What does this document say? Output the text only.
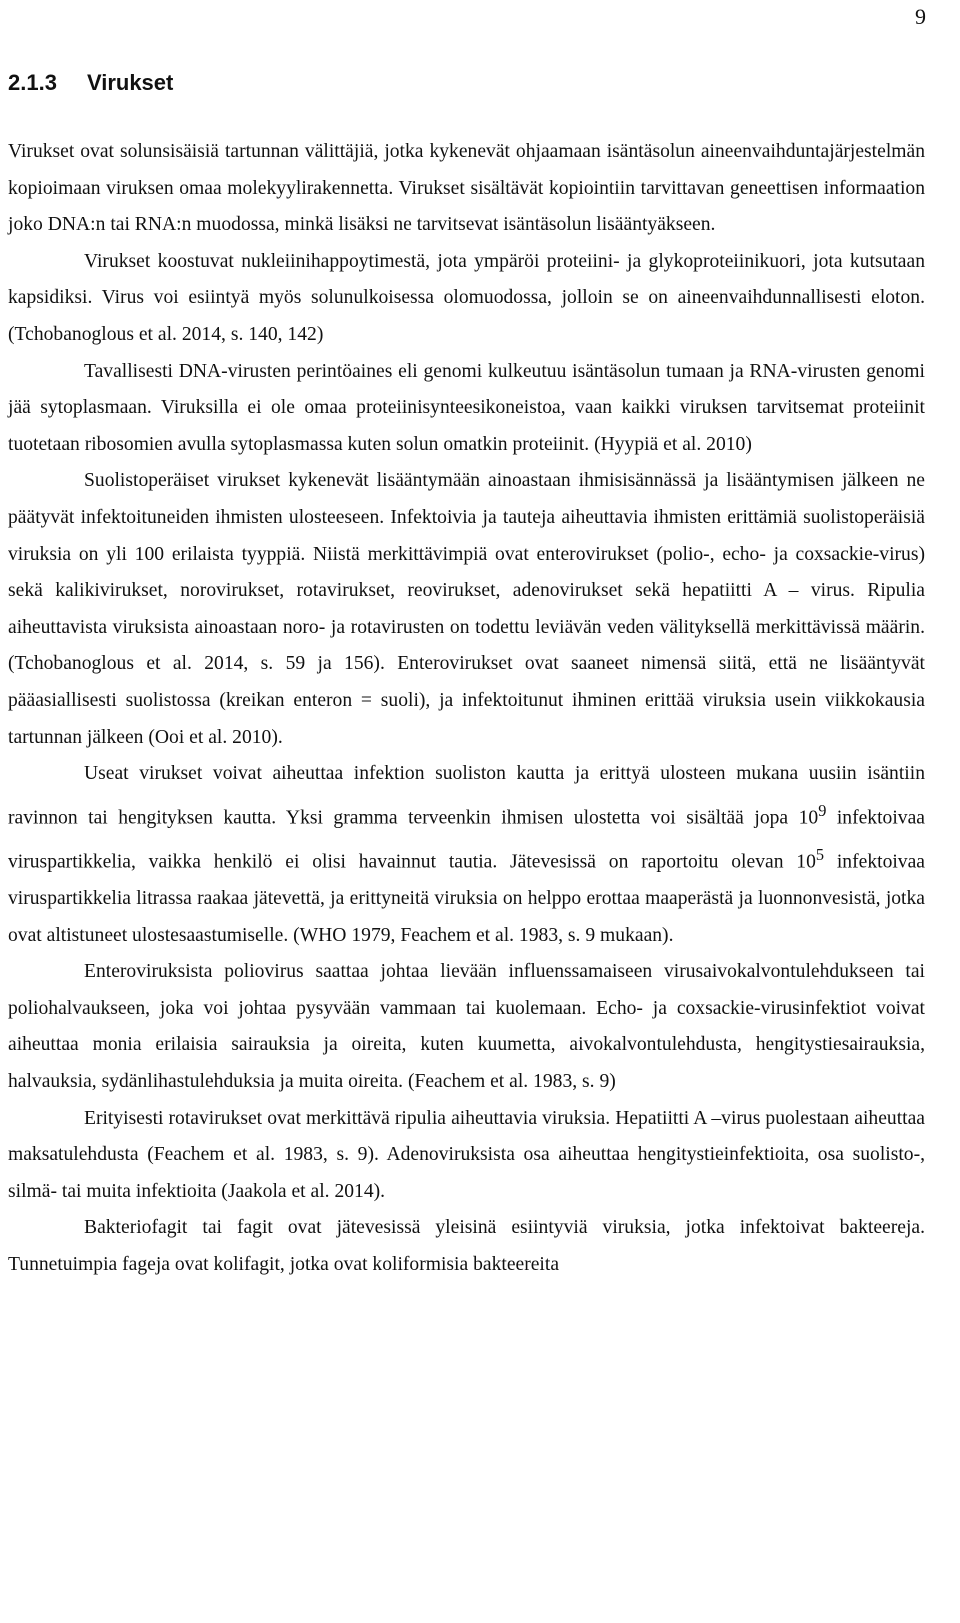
9
2.1.3 Virukset

Virukset ovat solunsisäisiä tartunnan välittäjiä, jotka kykenevät ohjaamaan isäntäsolun aineenvaihduntajärjestelmän kopioimaan viruksen omaa molekyylirakennetta. Virukset sisältävät kopiointiin tarvittavan geneettisen informaation joko DNA:n tai RNA:n muodossa, minkä lisäksi ne tarvitsevat isäntäsolun lisääntyäkseen.

Virukset koostuvat nukleiinihappoytimestä, jota ympäröi proteiini- ja glykoproteiinikuori, jota kutsutaan kapsidiksi. Virus voi esiintyä myös solunulkoisessa olomuodossa, jolloin se on aineenvaihdunnallisesti eloton. (Tchobanoglous et al. 2014, s. 140, 142)

Tavallisesti DNA-virusten perintöaines eli genomi kulkeutuu isäntäsolun tumaan ja RNA-virusten genomi jää sytoplasmaan. Viruksilla ei ole omaa proteiinisynteesikoneistoa, vaan kaikki viruksen tarvitsemat proteiinit tuotetaan ribosomien avulla sytoplasmassa kuten solun omatkin proteiinit. (Hyypiä et al. 2010)

Suolistoperäiset virukset kykenevät lisääntymään ainoastaan ihmisisännässä ja lisääntymisen jälkeen ne päätyvät infektoituneiden ihmisten ulosteeseen. Infektoivia ja tauteja aiheuttavia ihmisten erittämiä suolistoperäisiä viruksia on yli 100 erilaista tyyppiä. Niistä merkittävimpiä ovat enterovirukset (polio-, echo- ja coxsackie-virus) sekä kalikivirukset, norovirukset, rotavirukset, reovirukset, adenovirukset sekä hepatiitti A – virus. Ripulia aiheuttavista viruksista ainoastaan noro- ja rotavirusten on todettu leviävän veden välityksellä merkittävissä määrin. (Tchobanoglous et al. 2014, s. 59 ja 156). Enterovirukset ovat saaneet nimensä siitä, että ne lisääntyvät pääasiallisesti suolistossa (kreikan enteron = suoli), ja infektoitunut ihminen erittää viruksia usein viikkokausia tartunnan jälkeen (Ooi et al. 2010).

Useat virukset voivat aiheuttaa infektion suoliston kautta ja erittyä ulosteen mukana uusiin isäntiin ravinnon tai hengityksen kautta. Yksi gramma terveenkin ihmisen ulostetta voi sisältää jopa $10^9$ infektoivaa viruspartikkelia, vaikka henkilö ei olisi havainnut tautia. Jätevesissä on raportoitu olevan $10^5$ infektoivaa viruspartikkelia litrassa raakaa jätevettä, ja erittyneitä viruksia on helppo erottaa maaperästä ja luonnonvesistä, jotka ovat altistuneet ulostesaastumiselle. (WHO 1979, Feachem et al. 1983, s. 9 mukaan).

Enteroviruksista poliovirus saattaa johtaa lievään influenssamaiseen virusaivokalvontulehdukseen tai poliohalvaukseen, joka voi johtaa pysyvään vammaan tai kuolemaan. Echo- ja coxsackie-virusinfektiot voivat aiheuttaa monia erilaisia sairauksia ja oireita, kuten kuumetta, aivokalvontulehdusta, hengitystiesairauksia, halvauksia, sydänlihastulehduksia ja muita oireita. (Feachem et al. 1983, s. 9)

Erityisesti rotavirukset ovat merkittävä ripulia aiheuttavia viruksia. Hepatiitti A –virus puolestaan aiheuttaa maksatulehdusta (Feachem et al. 1983, s. 9). Adenoviruksista osa aiheuttaa hengitystieinfektioita, osa suolisto-, silmä- tai muita infektioita (Jaakola et al. 2014).

Bakteriofagit tai fagit ovat jätevesissä yleisinä esiintyviä viruksia, jotka infektoivat bakteereja. Tunnetuimpia fageja ovat kolifagit, jotka ovat koliformisia bakteereita
